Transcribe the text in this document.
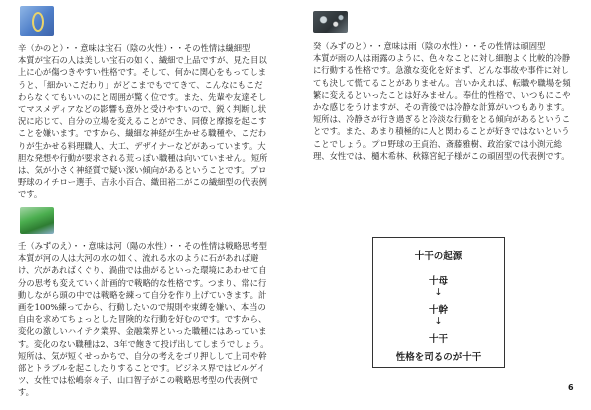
辛（かのと）・・意味は宝石（陰の火性）・・その性情は繊細型
本質が宝石の人は美しい宝石の如く、繊細で上品ですが、見た目以上に心が傷つきやすい性格です。そして、何かに関心をもってしまうと、「細かいこだわり」がどこまでもでてきて、こんなにもこだわらなくてもいいのにと周囲が驚く位です。また、先輩や友達そしてマスメディアなどの影響も意外と受けやすいので、鋭く判断し状況に応じて、自分の立場を変えることができ、同僚と摩擦を起こすことを嫌います。ですから、繊細な神経が生かせる職種や、こだわりが生かせる料理職人、大工、デザイナーなどがあっています。大胆な発想や行動が要求される荒っぽい職種は向いていません。短所は、気が小さく神経質で疑い深い傾向があるということです。プロ野球のイチロー選手、吉永小百合、織田裕二がこの繊細型の代表例です。
癸（みずのと）・・意味は雨（陰の水性）・・その性情は頑固型
本質が雨の人は雨露のように、色々なことに対し細胞よく比較的冷静に行動する性格です。急激な変化を好まず、どんな事故や事件に対しても決して慌てることがありません。言いかえれば、転職や職場を頻繁に変えるといったことは好みません。奉仕的性格で、いつもにこやかな感じをうけますが、その背後では冷静な計算がいつもあります。短所は、冷静さが行き過ぎると冷淡な行動をとる傾向があるということです。また、あまり積極的に人と関わることが好きではないということでしょう。プロ野球の王貞治、斎藤雅樹、政治家では小渕元総理、女性では、樋木希林、秋篠宮紀子様がこの頑固型の代表例です。
壬（みずのえ）・・意味は河（陽の水性）・・その性情は戦略思考型
本質が河の人は大河の水の如く、流れる水のように石があれば避け、穴があればくぐり、渦曲では曲がるといった環境にあわせて自分の思考も変えていく計画的で戦略的な性格です。つまり、常に行動しながら頭の中では戦略を練って自分を作り上げていきます。計画を100%練ってから、行動したいので規則や束縛を嫌い、本当の自由を求めてちょっとした冒険的な行動を好むのです。ですから、変化の激しいハイテク業界、金融業界といった職種にはあっています。変化のない職種は2、3年で飽きて投げ出してしまうでしょう。短所は、気が短くせっかちで、自分の考えをゴリ押しして上司や幹部とトラブルを起こしたりすることです。ビジネス界ではビルゲイツ、女性では松嶋奈々子、山口智子がこの戦略思考型の代表例です。
十干の起源
十母
↓
十幹
↓
十干
性格を司るのが十干
6
